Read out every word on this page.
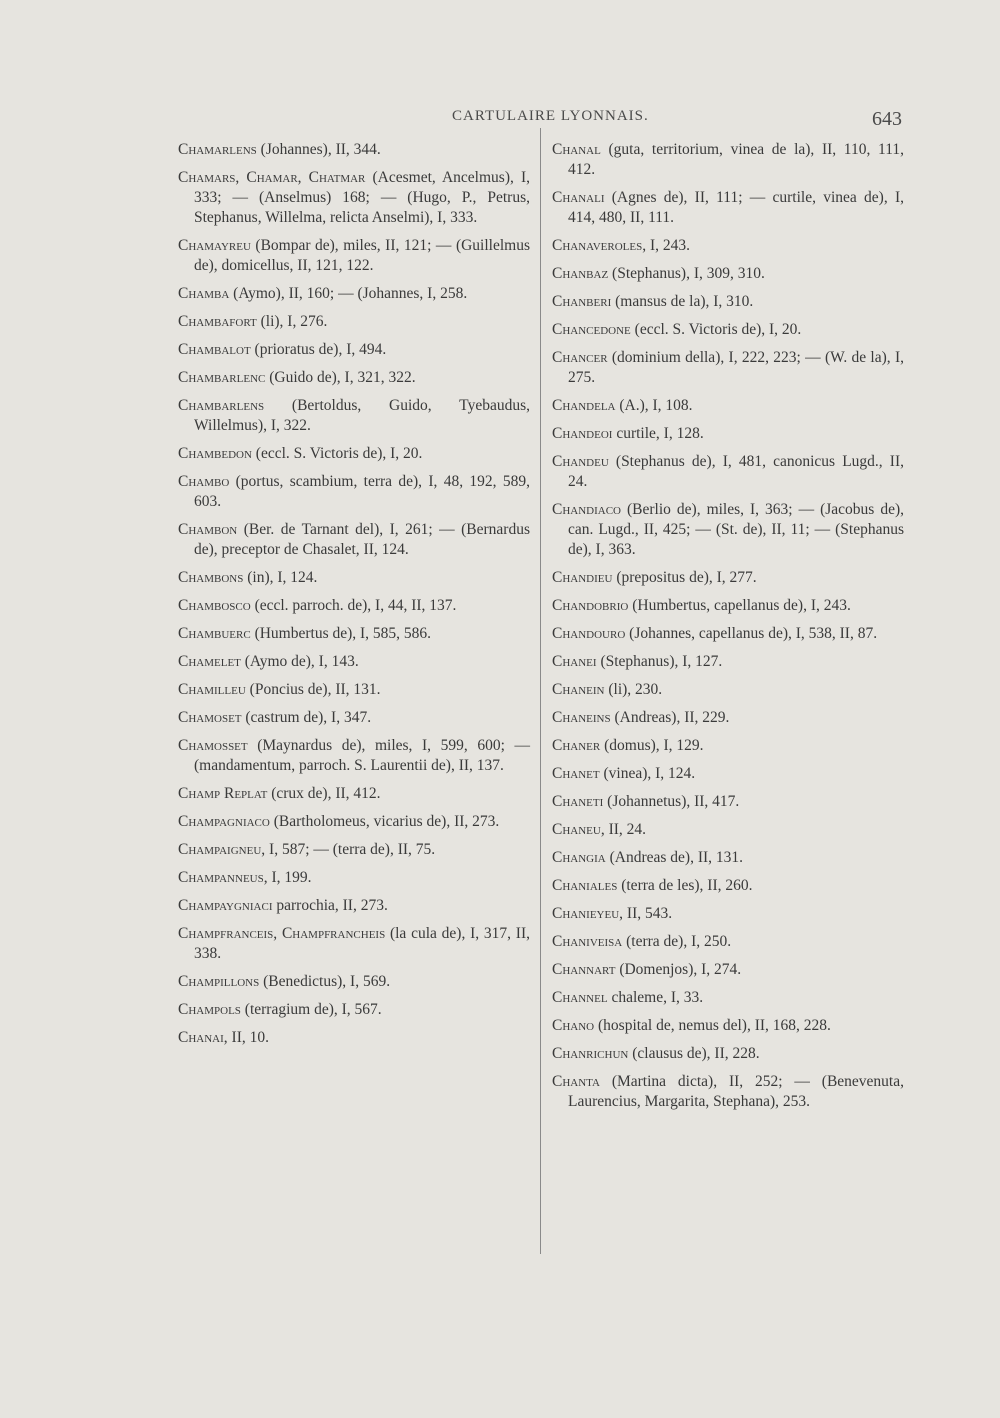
CARTULAIRE LYONNAIS.	643

Chamarlens (Johannes), II, 344.

Chamars, Chamar, Chatmar (Acesmet, Ancelmus), I, 333; — (Anselmus) 168; — (Hugo, P., Petrus, Stephanus, Willelma, relicta Anselmi), I, 333.

Chamayreu (Bompar de), miles, II, 121; — (Guillelmus de), domicellus, II, 121, 122.

Chamba (Aymo), II, 160; — (Johannes, I, 258.

Chambafort (li), I, 276.

Chambalot (prioratus de), I, 494.

Chambarlenc (Guido de), I, 321, 322.

Chambarlens (Bertoldus, Guido, Tyebaudus, Willelmus), I, 322.

Chambedon (eccl. S. Victoris de), I, 20.

Chambo (portus, scambium, terra de), I, 48, 192, 589, 603.

Chambon (Ber. de Tarnant del), I, 261; — (Bernardus de), preceptor de Chasalet, II, 124.

Chambons (in), I, 124.

Chambosco (eccl. parroch. de), I, 44, II, 137.

Chambuerc (Humbertus de), I, 585, 586.

Chamelet (Aymo de), I, 143.

Chamilleu (Poncius de), II, 131.

Chamoset (castrum de), I, 347.

Chamosset (Maynardus de), miles, I, 599, 600; — (mandamentum, parroch. S. Laurentii de), II, 137.

Champ Replat (crux de), II, 412.

Champagniaco (Bartholomeus, vicarius de), II, 273.

Champaigneu, I, 587; — (terra de), II, 75.

Champanneus, I, 199.

Champaygniaci parrochia, II, 273.

Champfranceis, Champfrancheis (la cula de), I, 317, II, 338.

Champillons (Benedictus), I, 569.

Champols (terragium de), I, 567.

Chanai, II, 10.

Chanal (guta, territorium, vinea de la), II, 110, 111, 412.

Chanali (Agnes de), II, 111; — curtile, vinea de), I, 414, 480, II, 111.

Chanaveroles, I, 243.

Chanbaz (Stephanus), I, 309, 310.

Chanberi (mansus de la), I, 310.

Chancedone (eccl. S. Victoris de), I, 20.

Chancer (dominium della), I, 222, 223; — (W. de la), I, 275.

Chandela (A.), I, 108.

Chandeoi curtile, I, 128.

Chandeu (Stephanus de), I, 481, canonicus Lugd., II, 24.

Chandiaco (Berlio de), miles, I, 363; — (Jacobus de), can. Lugd., II, 425; — (St. de), II, 11; — (Stephanus de), I, 363.

Chandieu (prepositus de), I, 277.

Chandobrio (Humbertus, capellanus de), I, 243.

Chandouro (Johannes, capellanus de), I, 538, II, 87.

Chanei (Stephanus), I, 127.

Chanein (li), 230.

Chaneins (Andreas), II, 229.

Chaner (domus), I, 129.

Chanet (vinea), I, 124.

Chaneti (Johannetus), II, 417.

Chaneu, II, 24.

Changia (Andreas de), II, 131.

Chaniales (terra de les), II, 260.

Chanieyeu, II, 543.

Chaniveisa (terra de), I, 250.

Channart (Domenjos), I, 274.

Channel chaleme, I, 33.

Chano (hospital de, nemus del), II, 168, 228.

Chanrichun (clausus de), II, 228.

Chanta (Martina dicta), II, 252; — (Benevenuta, Laurencius, Margarita, Stephana), 253.
